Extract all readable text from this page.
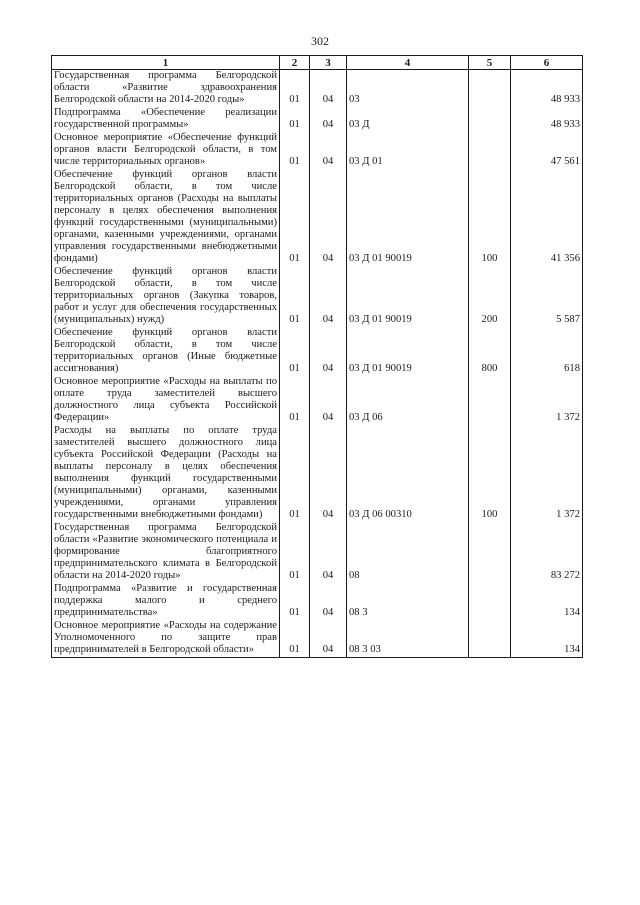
302
1	2	3	4	5	6
Государственная программа Белгородской области «Развитие здравоохранения Белгородской области на 2014-2020 годы»	01	04	03		48 933
Подпрограмма «Обеспечение реализации государственной программы»	01	04	03 Д		48 933
Основное мероприятие «Обеспечение функций органов власти Белгородской области, в том числе территориальных органов»	01	04	03 Д 01		47 561
Обеспечение функций органов власти Белгородской области, в том числе территориальных органов (Расходы на выплаты персоналу в целях обеспечения выполнения функций государственными (муниципальными) органами, казенными учреждениями, органами управления государственными внебюджетными фондами)	01	04	03 Д 01 90019	100	41 356
Обеспечение функций органов власти Белгородской области, в том числе территориальных органов (Закупка товаров, работ и услуг для обеспечения государственных (муниципальных) нужд)	01	04	03 Д 01 90019	200	5 587
Обеспечение функций органов власти Белгородской области, в том числе территориальных органов (Иные бюджетные ассигнования)	01	04	03 Д 01 90019	800	618
Основное мероприятие «Расходы на выплаты по оплате труда заместителей высшего должностного лица субъекта Российской Федерации»	01	04	03 Д 06		1 372
Расходы на выплаты по оплате труда заместителей высшего должностного лица субъекта Российской Федерации (Расходы на выплаты персоналу в целях обеспечения выполнения функций государственными (муниципальными) органами, казенными учреждениями, органами управления государственными внебюджетными фондами)	01	04	03 Д 06 00310	100	1 372
Государственная программа Белгородской области «Развитие экономического потенциала и формирование благоприятного предпринимательского климата в Белгородской области на 2014-2020 годы»	01	04	08		83 272
Подпрограмма «Развитие и государственная поддержка малого и среднего предпринимательства»	01	04	08 3		134
Основное мероприятие «Расходы на содержание Уполномоченного по защите прав предпринимателей в Белгородской области»	01	04	08 3 03		134
